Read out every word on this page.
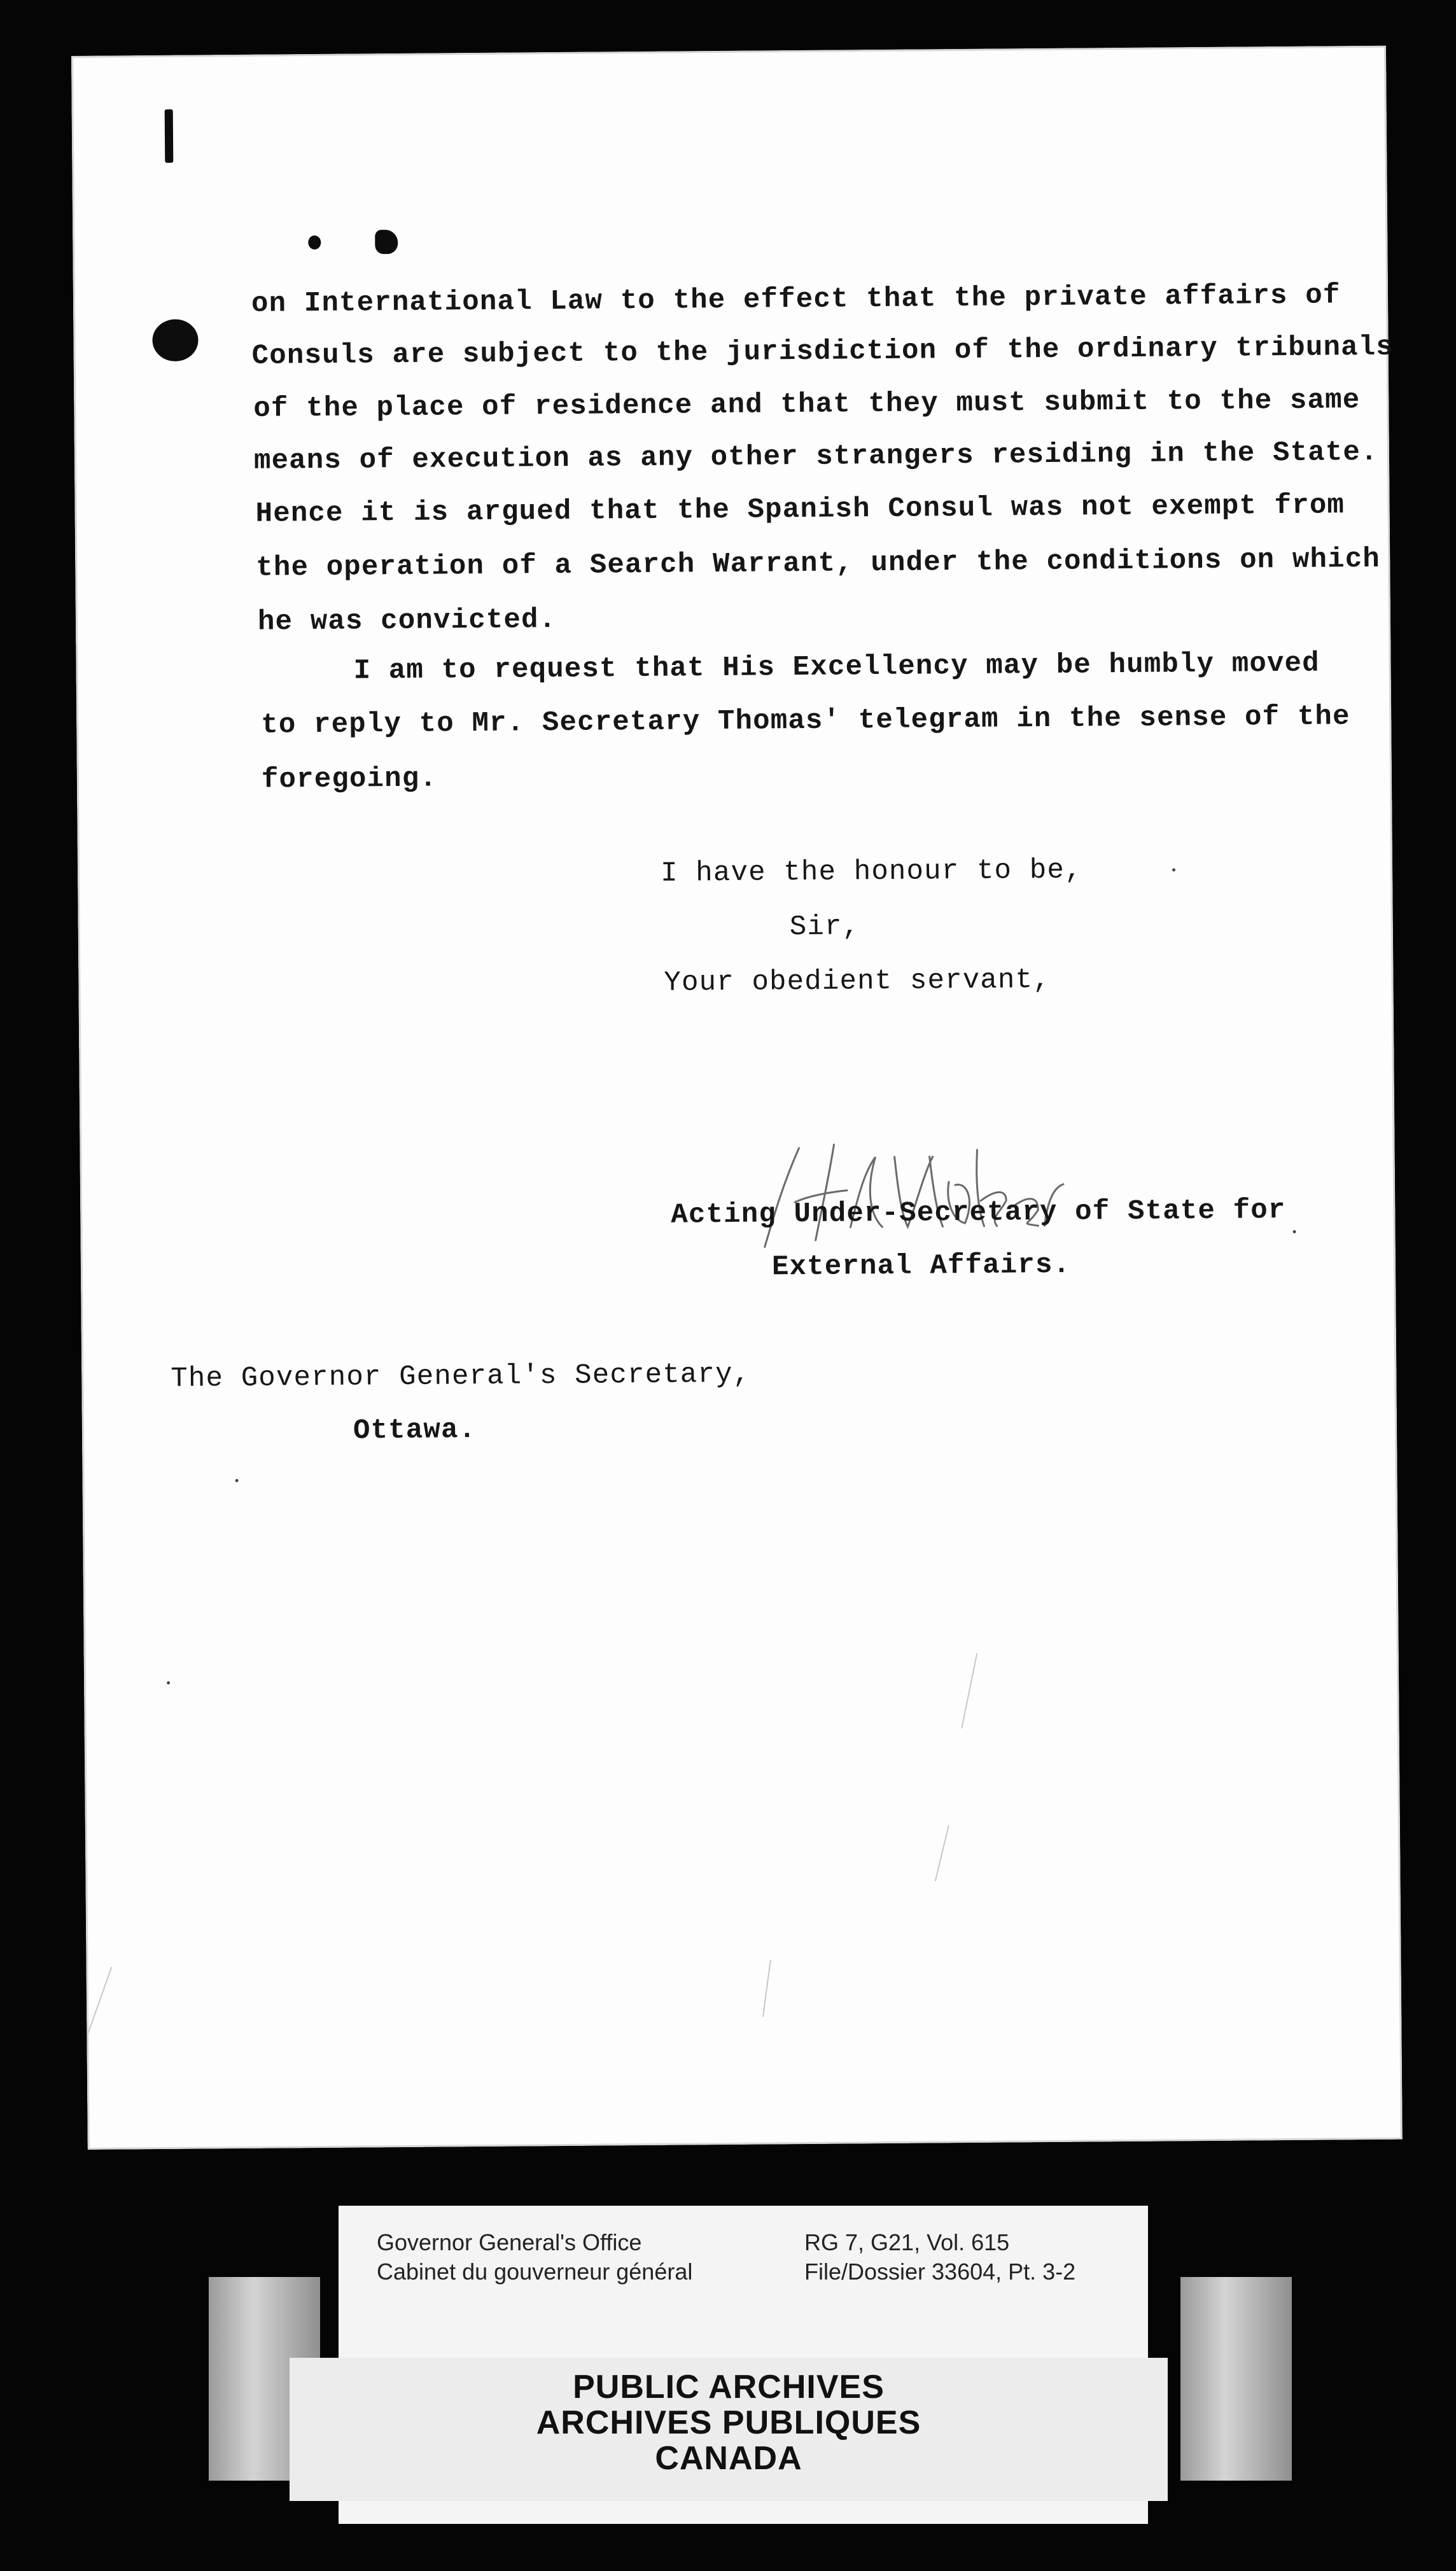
on International Law to the effect that the private affairs of
Consuls are subject to the jurisdiction of the ordinary tribunals
of the place of residence and that they must submit to the same
means of execution as any other strangers residing in the State.
Hence it is argued that the Spanish Consul was not exempt from
the operation of a Search Warrant, under the conditions on which
he was convicted.
I am to request that His Excellency may be humbly moved
to reply to Mr. Secretary Thomas' telegram in the sense of the
foregoing.
I have the honour to be,
Sir,
Your obedient servant,
Acting Under-Secretary of State for
External Affairs.
The Governor General's Secretary,
Ottawa.
Governor General's Office
Cabinet du gouverneur général
RG 7, G21, Vol. 615
File/Dossier 33604, Pt. 3-2
PUBLIC ARCHIVES
ARCHIVES PUBLIQUES
CANADA
